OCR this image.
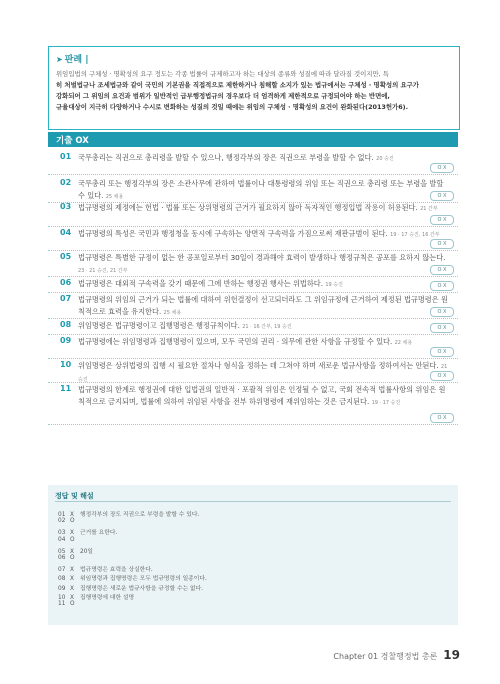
➤ 판례 |
위임입법의 구체성 · 명확성의 요구 정도는 각종 법률이 규제하고자 하는 대상의 종류와 성질에 따라 달라질 것이지만, 특
히 처벌법규나 조세법규와 같이 국민의 기본권을 직접적으로 제한하거나 침해할 소지가 있는 법규에서는 구체성 · 명확성의 요구가
강화되어 그 위임의 요건과 범위가 일반적인 급부행정법규의 경우보다 더 엄격하게 제한적으로 규정되어야 하는 반면에,
규율대상이 지극히 다양하거나 수시로 변화하는 성질의 것일 때에는 위임의 구체성 · 명확성의 요건이 완화된다(2013헌가6).
기출 OX
01 국무총리는 직권으로 총리령을 발할 수 있으나, 행정각부의 장은 직권으로 부령을 발할 수 없다. 20 승진
O X
02 국무총리 또는 행정각부의 장은 소관사무에 관하여 법률이나 대통령령의 위임 또는 직권으로 총리령 또는 부령을 발할 수 있다. 25 채용	O X
03 법규명령의 제정에는 헌법 · 법률 또는 상위명령의 근거가 필요하지 않아 독자적인 행정입법 작용이 허용된다. 21 간부
O X
04 법규명령의 특성은 국민과 행정청을 동시에 구속하는 양면적 구속력을 가짐으로써 재판규범이 된다. 19 · 17 승진, 16 간부
O X
05 법규명령은 특별한 규정이 없는 한 공포일로부터 30일이 경과해야 효력이 발생하나 행정규칙은 공포를 요하지 않는다. 23 · 21 승진, 21 간부	O X
06 법규명령은 대외적 구속력을 갖기 때문에 그에 반하는 행정권 행사는 위법하다. 19 승진	O X
07 법규명령의 위임의 근거가 되는 법률에 대하여 위헌결정이 선고되더라도 그 위임규정에 근거하여 제정된 법규명령은 원칙적으로 효력을 유지한다. 25 채용	O X
08 위임명령은 법규명령이고 집행명령은 행정규칙이다. 21 · 16 간부, 19 승진	O X
09 법규명령에는 위임명령과 집행명령이 있으며, 모두 국민의 권리 · 의무에 관한 사항을 규정할 수 있다. 22 채용
O X
10 위임명령은 상위법령의 집행 시 필요한 절차나 형식을 정하는 데 그쳐야 하며 새로운 법규사항을 정하여서는 안된다. 21 승진
O X
11 법규명령의 한계로 행정권에 대한 입법권의 일반적 · 포괄적 위임은 인정될 수 없고, 국회 전속적 법률사항의 위임은 원칙적으로 금지되며, 법률에 의하여 위임된 사항을 전부 하위명령에 재위임하는 것은 금지된다. 19 · 17 승진
O X
정답 및 해설
01 X 행정각부의 장도 직권으로 부령을 발할 수 있다.
02 O
03 X 근거를 요한다.
04 O
05 X 20일
06 O
07 X 법규명령은 효력을 상실한다.
08 X 위임명령과 집행명령은 모두 법규명령의 일종이다.
09 X 집행명령은 새로운 법규사항을 규정할 수는 없다.
10 X 집행명령에 대한 설명
11 O
Chapter 01 경찰행정법 총론 19
